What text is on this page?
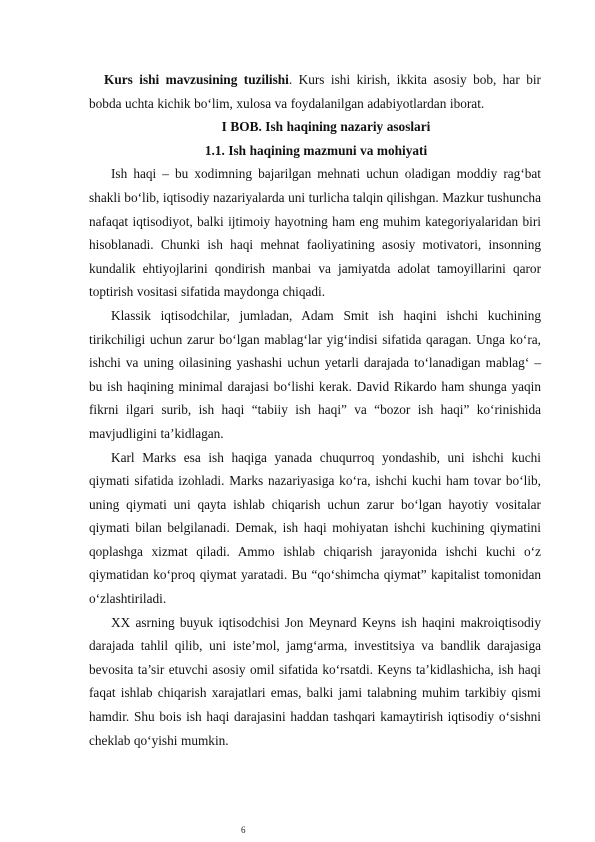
Kurs ishi mavzusining tuzilishi. Kurs ishi kirish, ikkita asosiy bob, har bir bobda uchta kichik bo‘lim, xulosa va foydalanilgan adabiyotlardan iborat.

I BOB. Ish haqining nazariy asoslari

1.1. Ish haqining mazmuni va mohiyati

Ish haqi – bu xodimning bajarilgan mehnati uchun oladigan moddiy rag‘bat shakli bo‘lib, iqtisodiy nazariyalarda uni turlicha talqin qilishgan. Mazkur tushuncha nafaqat iqtisodiyot, balki ijtimoiy hayotning ham eng muhim kategoriyalaridan biri hisoblanadi. Chunki ish haqi mehnat faoliyatining asosiy motivatori, insonning kundalik ehtiyojlarini qondirish manbai va jamiyatda adolat tamoyillarini qaror toptirish vositasi sifatida maydonga chiqadi.

Klassik iqtisodchilar, jumladan, Adam Smit ish haqini ishchi kuchining tirikchiligi uchun zarur bo‘lgan mablag‘lar yig‘indisi sifatida qaragan. Unga ko‘ra, ishchi va uning oilasining yashashi uchun yetarli darajada to‘lanadigan mablag‘ – bu ish haqining minimal darajasi bo‘lishi kerak. David Rikardo ham shunga yaqin fikrni ilgari surib, ish haqi “tabiiy ish haqi” va “bozor ish haqi” ko‘rinishida mavjudligini ta’kidlagan.

Karl Marks esa ish haqiga yanada chuqurroq yondashib, uni ishchi kuchi qiymati sifatida izohladi. Marks nazariyasiga ko‘ra, ishchi kuchi ham tovar bo‘lib, uning qiymati uni qayta ishlab chiqarish uchun zarur bo‘lgan hayotiy vositalar qiymati bilan belgilanadi. Demak, ish haqi mohiyatan ishchi kuchining qiymatini qoplashga xizmat qiladi. Ammo ishlab chiqarish jarayonida ishchi kuchi o‘z qiymatidan ko‘proq qiymat yaratadi. Bu “qo‘shimcha qiymat” kapitalist tomonidan o‘zlashtiriladi.

XX asrning buyuk iqtisodchisi Jon Meynard Keyns ish haqini makroiqtisodiy darajada tahlil qilib, uni iste’mol, jamg‘arma, investitsiya va bandlik darajasiga bevosita ta’sir etuvchi asosiy omil sifatida ko‘rsatdi. Keyns ta’kidlashicha, ish haqi faqat ishlab chiqarish xarajatlari emas, balki jami talabning muhim tarkibiy qismi hamdir. Shu bois ish haqi darajasini haddan tashqari kamaytirish iqtisodiy o‘sishni cheklab qo‘yishi mumkin.

6
